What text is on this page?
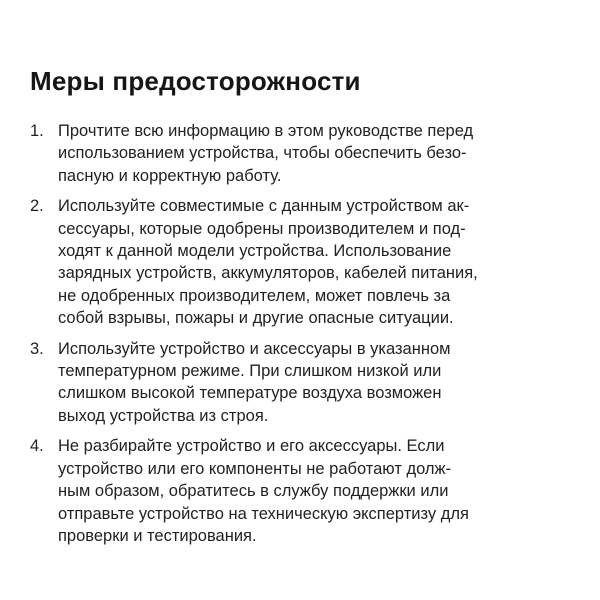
Меры предосторожности
1. Прочтите всю информацию в этом руководстве перед
использованием устройства, чтобы обеспечить безо-
пасную и корректную работу.
2. Используйте совместимые с данным устройством ак-
сессуары, которые одобрены производителем и под-
ходят к данной модели устройства. Использование
зарядных устройств, аккумуляторов, кабелей питания,
не одобренных производителем, может повлечь за
собой взрывы, пожары и другие опасные ситуации.
3. Используйте устройство и аксессуары в указанном
температурном режиме. При слишком низкой или
слишком высокой температуре воздуха возможен
выход устройства из строя.
4. Не разбирайте устройство и его аксессуары. Если
устройство или его компоненты не работают долж-
ным образом, обратитесь в службу поддержки или
отправьте устройство на техническую экспертизу для
проверки и тестирования.
